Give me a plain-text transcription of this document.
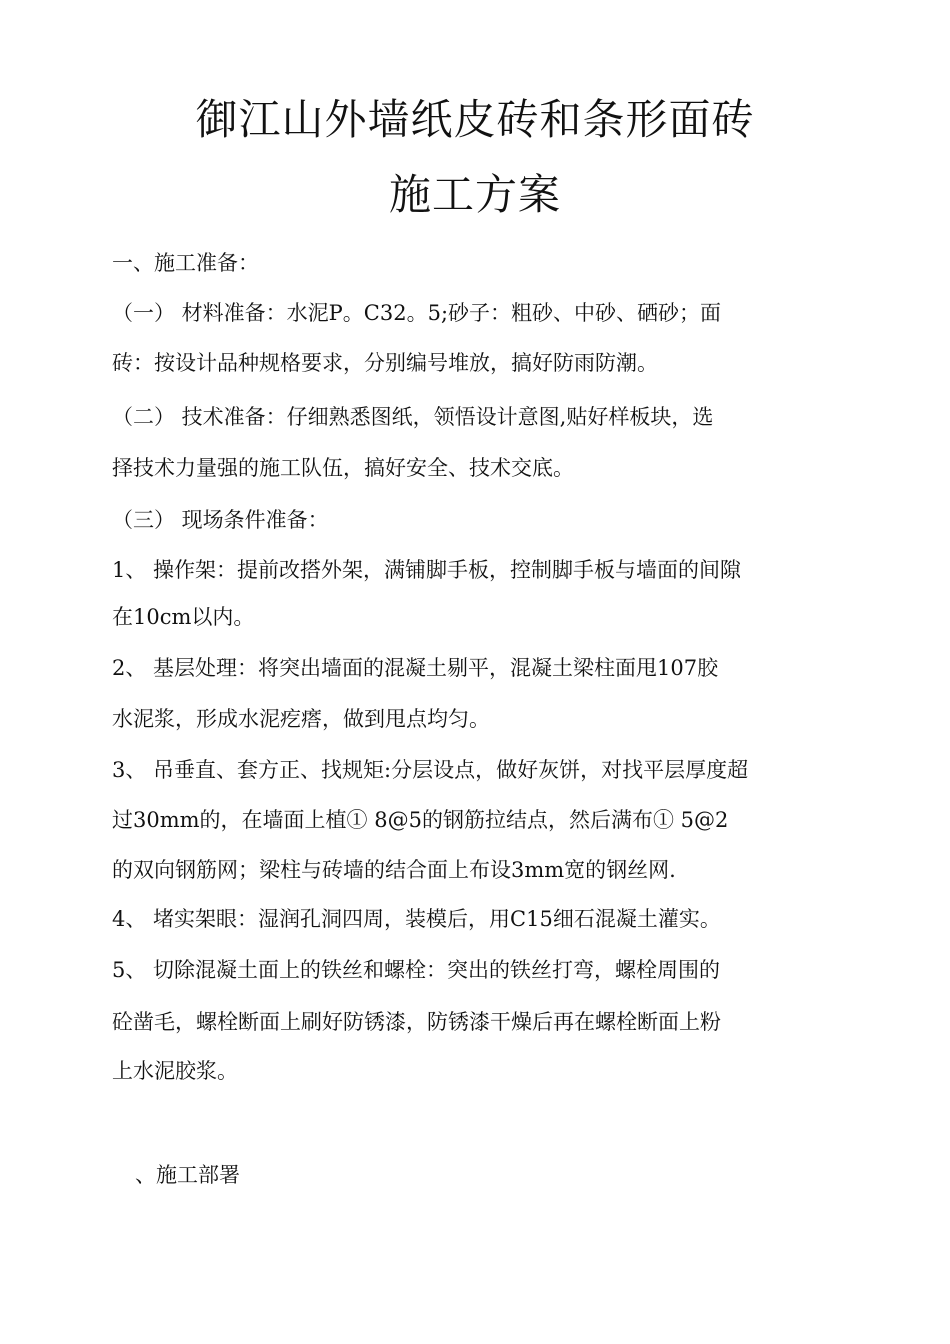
御江山外墙纸皮砖和条形面砖
施工方案
一、施工准备：
（一） 材料准备：水泥P。C32。5;砂子：粗砂、中砂、硒砂；面
砖：按设计品种规格要求，分别编号堆放，搞好防雨防潮。
（二） 技术准备：仔细熟悉图纸，领悟设计意图,贴好样板块，选
择技术力量强的施工队伍，搞好安全、技术交底。
（三） 现场条件准备：
1、 操作架：提前改搭外架，满铺脚手板，控制脚手板与墙面的间隙
在10cm以内。
2、 基层处理：将突出墙面的混凝土剔平，混凝土梁柱面甩107胶
水泥浆，形成水泥疙瘩，做到甩点均匀。
3、 吊垂直、套方正、找规矩:分层设点，做好灰饼，对找平层厚度超
过30mm的，在墙面上植① 8@5的钢筋拉结点，然后满布① 5@2
的双向钢筋网；梁柱与砖墙的结合面上布设3mm宽的钢丝网.
4、 堵实架眼：湿润孔洞四周，装模后，用C15细石混凝土灌实。
5、 切除混凝土面上的铁丝和螺栓：突出的铁丝打弯，螺栓周围的
砼凿毛，螺栓断面上刷好防锈漆，防锈漆干燥后再在螺栓断面上粉
上水泥胶浆。
、施工部署
